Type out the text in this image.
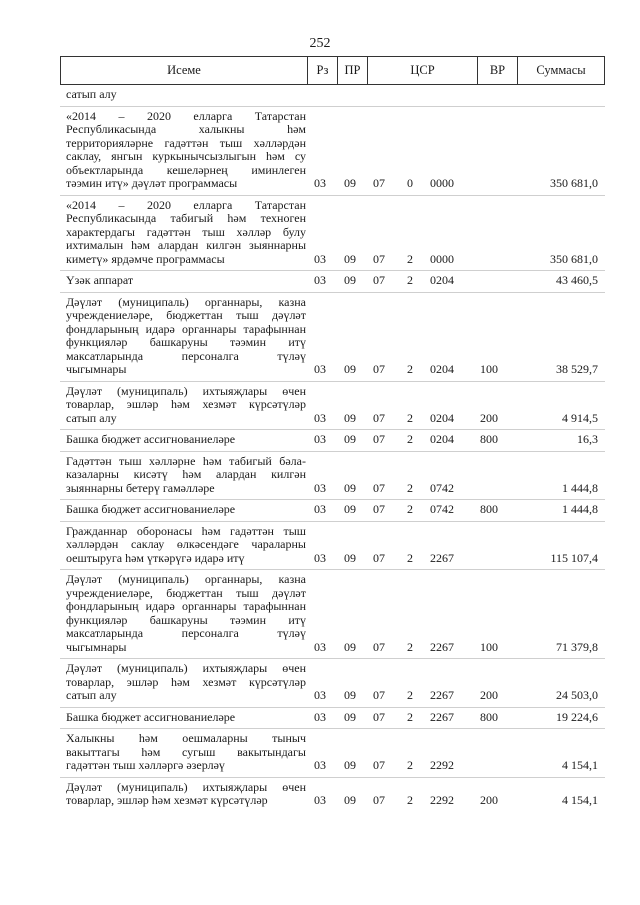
252
Исеме	Рз	ПР	ЦСР	ВР	Суммасы
сатып алу
«2014 – 2020 елларга Татарстан
Республикасында халыкны һәм
территорияләрне гадәттән тыш хәлләрдән
саклау, янгын куркынычсызлыгын һәм су
объектларында кешеләрнең иминлеген
тәэмин итү» дәүләт программасы	03 09 07 0 0000	350 681,0
«2014 – 2020 елларга Татарстан
Республикасында табигый һәм техноген
характердагы гадәттән тыш хәлләр булу
ихтималын һәм алардан килгән зыяннарны
киметү» ярдәмче программасы	03 09 07 2 0000	350 681,0
Үзәк аппарат	03 09 07 2 0204	43 460,5
Дәүләт (муниципаль) органнары, казна
учреждениеләре, бюджеттан тыш дәүләт
фондларының идарә органнары тарафыннан
функцияләр башкаруны тәэмин итү
максатларында персоналга түләү
чыгымнары	03 09 07 2 0204 100	38 529,7
Дәүләт (муниципаль) ихтыяҗлары өчен
товарлар, эшләр һәм хезмәт күрсәтүләр
сатып алу	03 09 07 2 0204 200	4 914,5
Башка бюджет ассигнованиеләре	03 09 07 2 0204 800	16,3
Гадәттән тыш хәлләрне һәм табигый бәла-
казаларны кисәтү һәм алардан килгән
зыяннарны бетерү гамәлләре	03 09 07 2 0742	1 444,8
Башка бюджет ассигнованиеләре	03 09 07 2 0742 800	1 444,8
Гражданнар оборонасы һәм гадәттән тыш
хәлләрдән саклау өлкәсендәге чараларны
оештыруга һәм үткәрүгә идарә итү	03 09 07 2 2267	115 107,4
Дәүләт (муниципаль) органнары, казна
учреждениеләре, бюджеттан тыш дәүләт
фондларының идарә органнары тарафыннан
функцияләр башкаруны тәэмин итү
максатларында персоналга түләү
чыгымнары	03 09 07 2 2267 100	71 379,8
Дәүләт (муниципаль) ихтыяҗлары өчен
товарлар, эшләр һәм хезмәт күрсәтүләр
сатып алу	03 09 07 2 2267 200	24 503,0
Башка бюджет ассигнованиеләре	03 09 07 2 2267 800	19 224,6
Халыкны һәм оешмаларны тыныч
вакыттагы һәм сугыш вакытындагы
гадәттән тыш хәлләргә әзерләү	03 09 07 2 2292	4 154,1
Дәүләт (муниципаль) ихтыяҗлары өчен
товарлар, эшләр һәм хезмәт күрсәтүләр	03 09 07 2 2292 200	4 154,1
